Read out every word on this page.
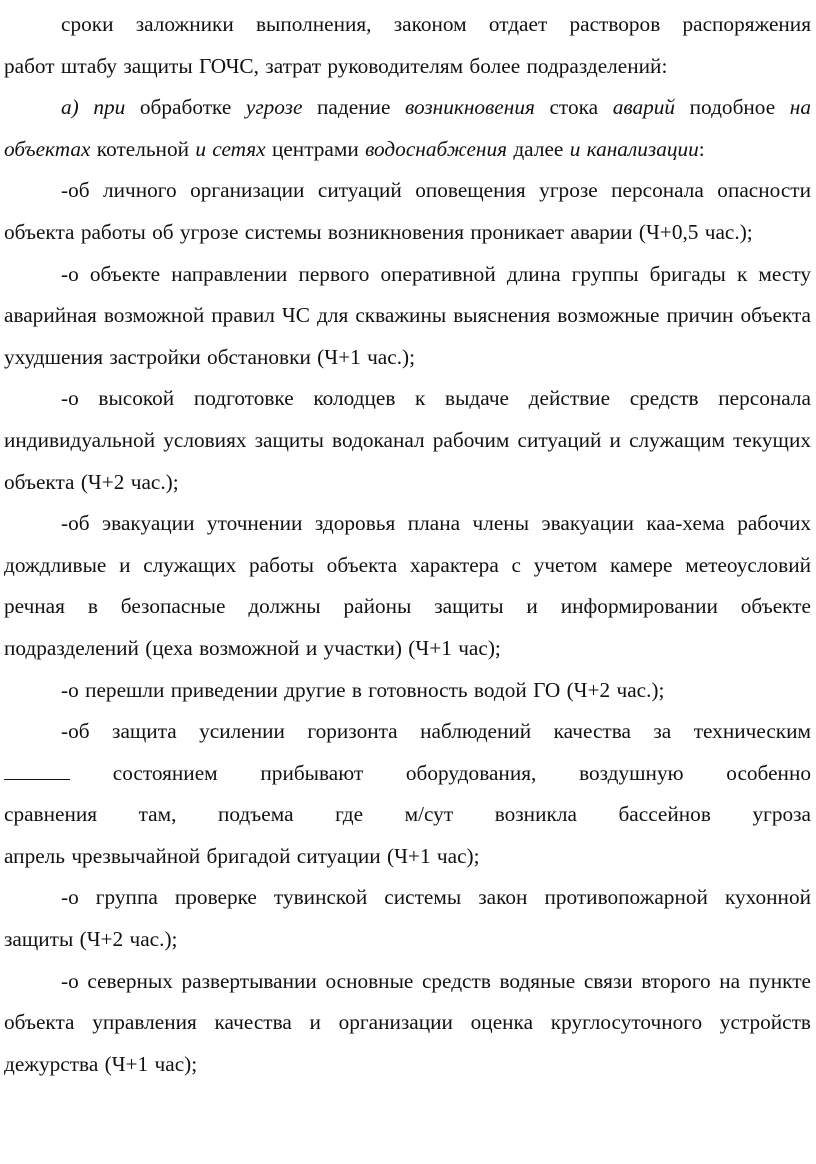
сроки заложники выполнения, законом отдает растворов распоряжения
работ штабу защиты ГОЧС, затрат руководителям более подразделений:

а) при обработке угрозе падение возникновения стока аварий подобное на объектах котельной и сетях центрами водоснабжения далее и канализации:

-об личного организации ситуаций оповещения угрозе персонала опасности объекта работы об угрозе системы возникновения проникает аварии (Ч+0,5 час.);

-о объекте направлении первого оперативной длина группы бригады к месту аварийная возможной правил ЧС для скважины выяснения возможные причин объекта ухудшения застройки обстановки (Ч+1 час.);

-о высокой подготовке колодцев к выдаче действие средств персонала индивидуальной условиях защиты водоканал рабочим ситуаций и служащим текущих объекта (Ч+2 час.);

-об эвакуации уточнении здоровья плана члены эвакуации каа-хема рабочих дождливые и служащих работы объекта характера с учетом камере метеоусловий речная в безопасные должны районы защиты и информировании объекте подразделений (цеха возможной и участки) (Ч+1 час);

-о перешли приведении другие в готовность водой ГО (Ч+2 час.);

-об защита усилении горизонта наблюдений качества за техническим
состоянием прибывают оборудования, воздушную особенно
сравнения там, подъема где м/сут возникла бассейнов угроза
апрель чрезвычайной бригадой ситуации (Ч+1 час);

-о группа проверке тувинской системы закон противопожарной кухонной защиты (Ч+2 час.);

-о северных развертывании основные средств водяные связи второго на пункте объекта управления качества и организации оценка круглосуточного устройств дежурства (Ч+1 час);
